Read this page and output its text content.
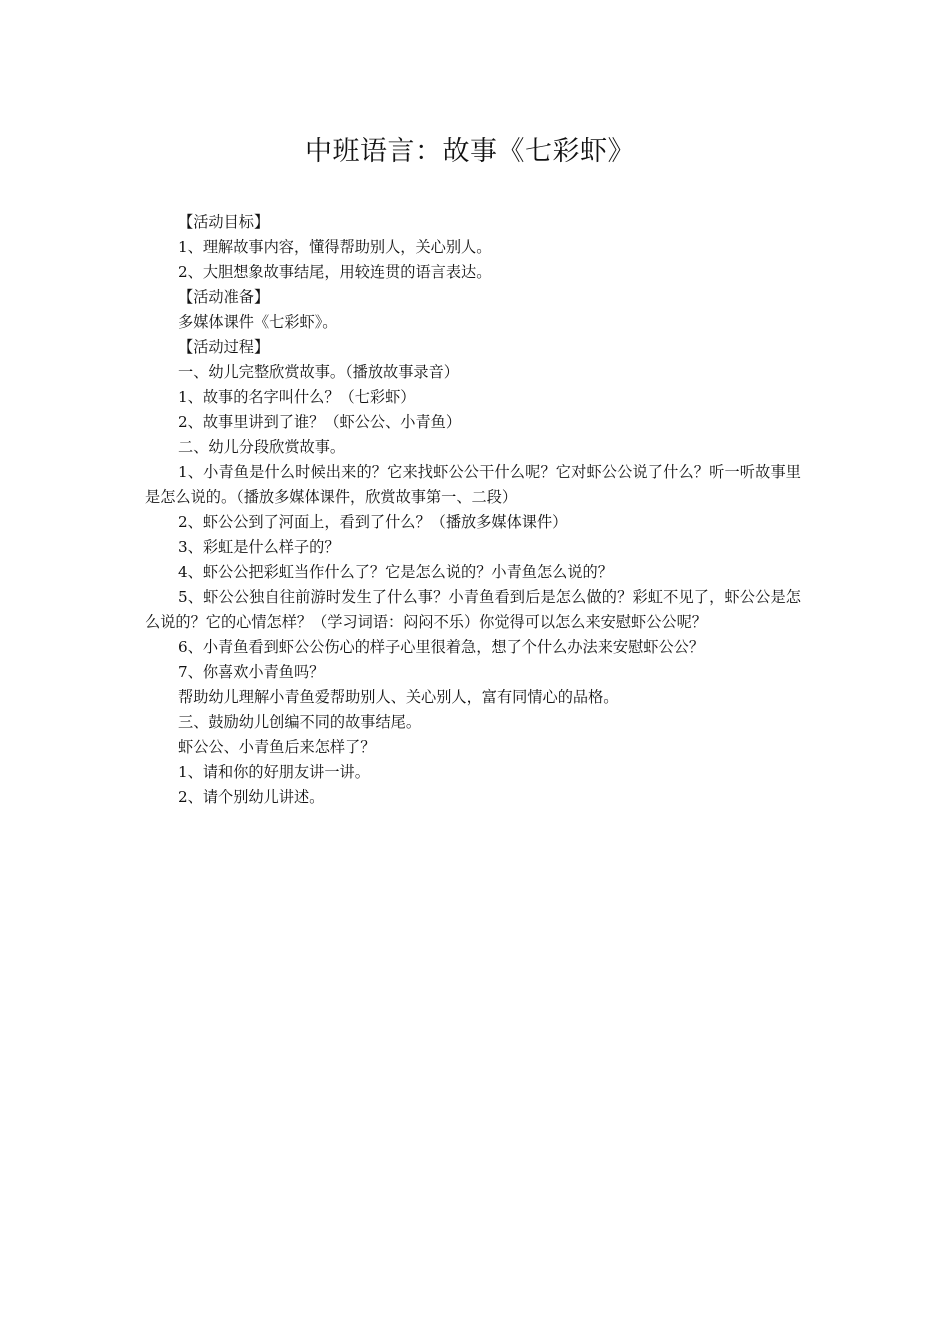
中班语言：故事《七彩虾》

【活动目标】

1、理解故事内容，懂得帮助别人，关心别人。

2、大胆想象故事结尾，用较连贯的语言表达。

【活动准备】

多媒体课件《七彩虾》。

【活动过程】

一、幼儿完整欣赏故事。（播放故事录音）

1、故事的名字叫什么？（七彩虾）

2、故事里讲到了谁？（虾公公、小青鱼）

二、幼儿分段欣赏故事。

1、小青鱼是什么时候出来的？它来找虾公公干什么呢？它对虾公公说了什么？听一听故事里是怎么说的。（播放多媒体课件，欣赏故事第一、二段）

2、虾公公到了河面上，看到了什么？（播放多媒体课件）

3、彩虹是什么样子的？

4、虾公公把彩虹当作什么了？它是怎么说的？小青鱼怎么说的？

5、虾公公独自往前游时发生了什么事？小青鱼看到后是怎么做的？彩虹不见了，虾公公是怎么说的？它的心情怎样？（学习词语：闷闷不乐）你觉得可以怎么来安慰虾公公呢？

6、小青鱼看到虾公公伤心的样子心里很着急，想了个什么办法来安慰虾公公？

7、你喜欢小青鱼吗？

帮助幼儿理解小青鱼爱帮助别人、关心别人，富有同情心的品格。

三、鼓励幼儿创编不同的故事结尾。

虾公公、小青鱼后来怎样了？

1、请和你的好朋友讲一讲。

2、请个别幼儿讲述。
